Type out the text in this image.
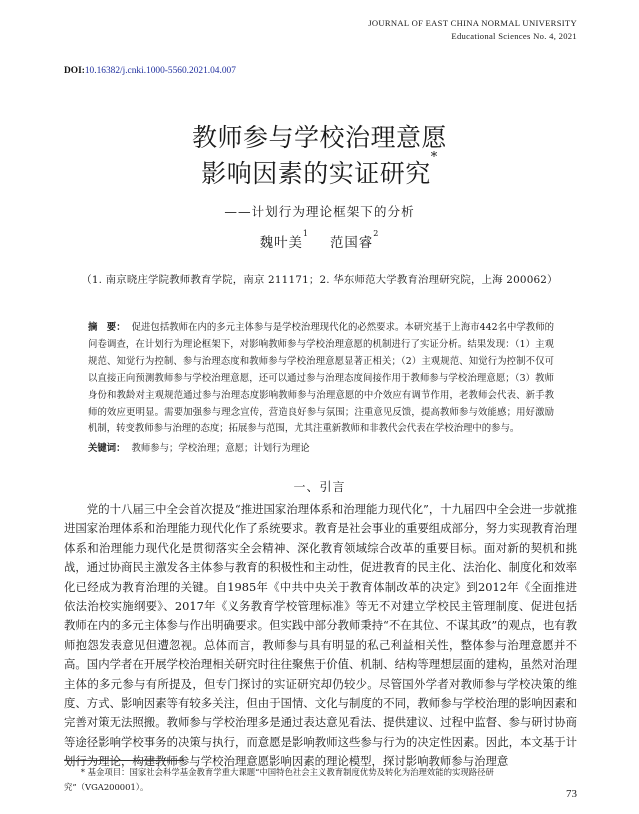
JOURNAL OF EAST CHINA NORMAL UNIVERSITY
Educational Sciences No. 4, 2021
DOI:10.16382/j.cnki.1000-5560.2021.04.007
教师参与学校治理意愿
影响因素的实证研究*
——计划行为理论框架下的分析
魏叶美$^1$    范国睿$^2$
（1. 南京晓庄学院教师教育学院，南京 211171；2. 华东师范大学教育治理研究院，上海 200062）
摘　要： 促进包括教师在内的多元主体参与是学校治理现代化的必然要求。本研究基于上海市442名中学教师的问卷调查，在计划行为理论框架下，对影响教师参与学校治理意愿的机制进行了实证分析。结果发现：（1）主观规范、知觉行为控制、参与治理态度和教师参与学校治理意愿显著正相关；（2）主观规范、知觉行为控制不仅可以直接正向预测教师参与学校治理意愿，还可以通过参与治理态度间接作用于教师参与学校治理意愿；（3）教师身份和教龄对主观规范通过参与治理态度影响教师参与治理意愿的中介效应有调节作用，老教师会代表、新手教师的效应更明显。需要加强参与理念宣传，营造良好参与氛围；注重意见反馈，提高教师参与效能感；用好激励机制，转变教师参与治理的态度；拓展参与范围，尤其注重新教师和非教代会代表在学校治理中的参与。
关键词： 教师参与；学校治理；意愿；计划行为理论
一、引言
党的十八届三中全会首次提及“推进国家治理体系和治理能力现代化”，十九届四中全会进一步就推进国家治理体系和治理能力现代化作了系统要求。教育是社会事业的重要组成部分，努力实现教育治理体系和治理能力现代化是贯彻落实全会精神、深化教育领域综合改革的重要目标。面对新的契机和挑战，通过协商民主激发各主体参与教育的积极性和主动性，促进教育的民主化、法治化、制度化和效率化已经成为教育治理的关键。自1985年《中共中央关于教育体制改革的决定》到2012年《全面推进依法治校实施纲要》、2017年《义务教育学校管理标准》等无不对建立学校民主管理制度、促进包括教师在内的多元主体参与作出明确要求。但实践中部分教师秉持“不在其位、不谋其政”的观点，也有教师抱怨发表意见但遭忽视。总体而言，教师参与具有明显的私己利益相关性，整体参与治理意愿并不高。国内学者在开展学校治理相关研究时往往聚焦于价值、机制、结构等理想层面的建构，虽然对治理主体的多元参与有所提及，但专门探讨的实证研究却仍较少。尽管国外学者对教师参与学校决策的维度、方式、影响因素等有较多关注，但由于国情、文化与制度的不同，教师参与学校治理的影响因素和完善对策无法照搬。教师参与学校治理多是通过表达意见看法、提供建议、过程中监督、参与研讨协商等途径影响学校事务的决策与执行，而意愿是影响教师这些参与行为的决定性因素。因此，本文基于计划行为理论，构建教师参与学校治理意愿影响因素的理论模型，探讨影响教师参与治理意
* 基金项目：国家社会科学基金教育学重大课题“中国特色社会主义教育制度优势及转化为治理效能的实现路径研究”（VGA200001）。
73
